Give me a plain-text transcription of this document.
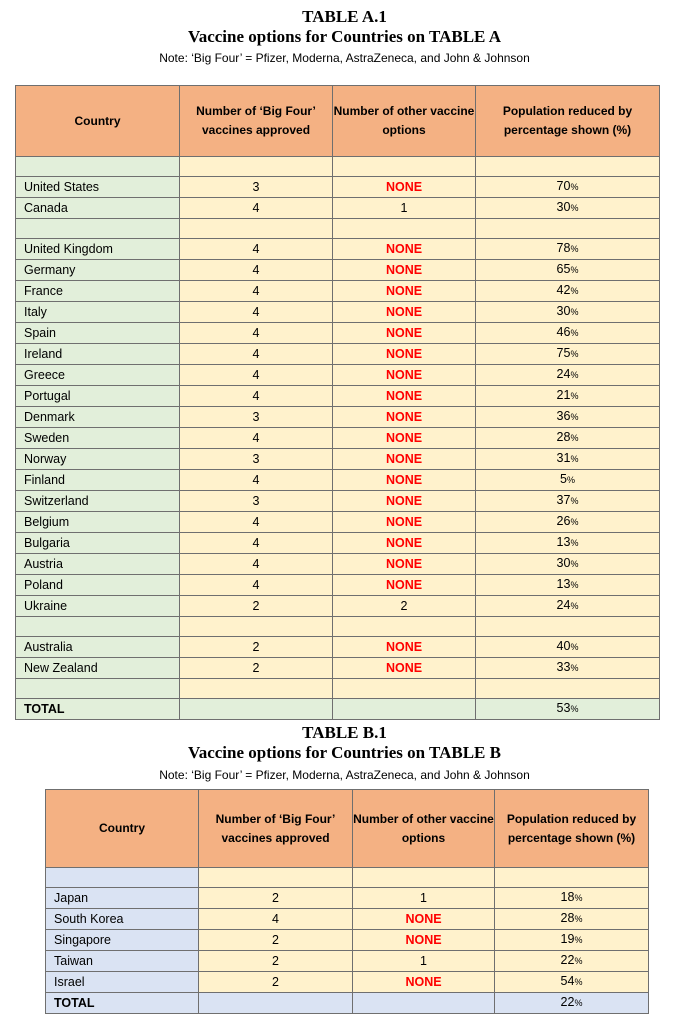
TABLE A.1
Vaccine options for Countries on TABLE A
Note: ‘Big Four’ = Pfizer, Moderna, AstraZeneca, and John & Johnson
Country	Number of ‘Big Four’ vaccines approved	Number of other vaccine options	Population reduced by percentage shown (%)

United States	3	NONE	70%
Canada	4	1	30%

United Kingdom	4	NONE	78%
Germany	4	NONE	65%
France	4	NONE	42%
Italy	4	NONE	30%
Spain	4	NONE	46%
Ireland	4	NONE	75%
Greece	4	NONE	24%
Portugal	4	NONE	21%
Denmark	3	NONE	36%
Sweden	4	NONE	28%
Norway	3	NONE	31%
Finland	4	NONE	5%
Switzerland	3	NONE	37%
Belgium	4	NONE	26%
Bulgaria	4	NONE	13%
Austria	4	NONE	30%
Poland	4	NONE	13%
Ukraine	2	2	24%

Australia	2	NONE	40%
New Zealand	2	NONE	33%

TOTAL			53%
TABLE B.1
Vaccine options for Countries on TABLE B
Note: ‘Big Four’ = Pfizer, Moderna, AstraZeneca, and John & Johnson
Country	Number of ‘Big Four’ vaccines approved	Number of other vaccine options	Population reduced by percentage shown (%)

Japan	2	1	18%
South Korea	4	NONE	28%
Singapore	2	NONE	19%
Taiwan	2	1	22%
Israel	2	NONE	54%
TOTAL			22%
